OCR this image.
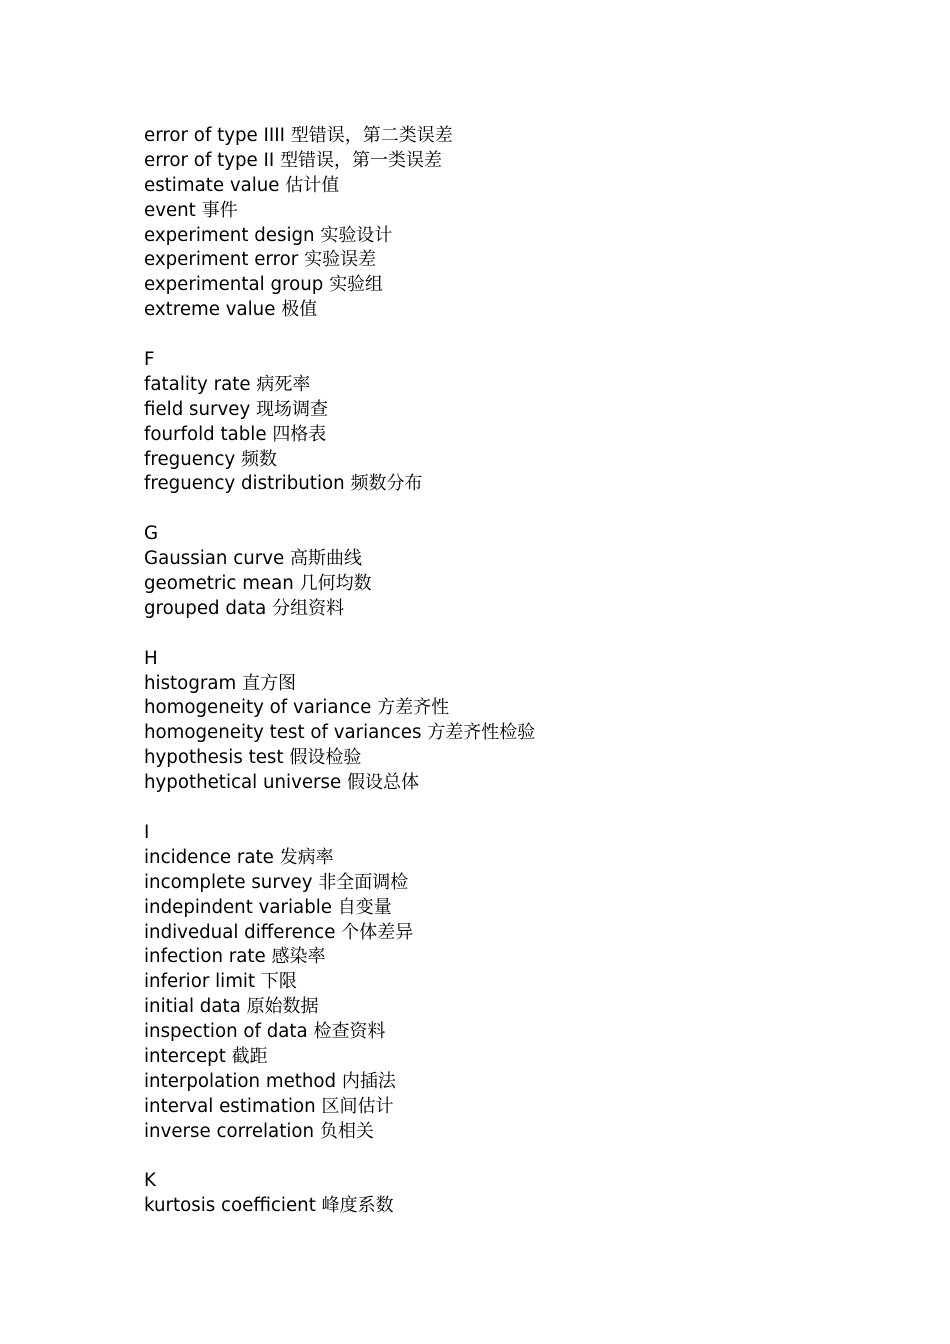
error of type IIII 型错误，第二类误差
error of type II 型错误，第一类误差
estimate value 估计值
event 事件
experiment design 实验设计
experiment error 实验误差
experimental group 实验组
extreme value 极值
F
fatality rate 病死率
field survey 现场调查
fourfold table 四格表
freguency 频数
freguency distribution 频数分布
G
Gaussian curve 高斯曲线
geometric mean 几何均数
grouped data 分组资料
H
histogram 直方图
homogeneity of variance 方差齐性
homogeneity test of variances 方差齐性检验
hypothesis test 假设检验
hypothetical universe 假设总体
I
incidence rate 发病率
incomplete survey 非全面调检
indepindent variable 自变量
indivedual difference 个体差异
infection rate 感染率
inferior limit 下限
initial data 原始数据
inspection of data 检查资料
intercept 截距
interpolation method 内插法
interval estimation 区间估计
inverse correlation 负相关
K
kurtosis coefficient 峰度系数
